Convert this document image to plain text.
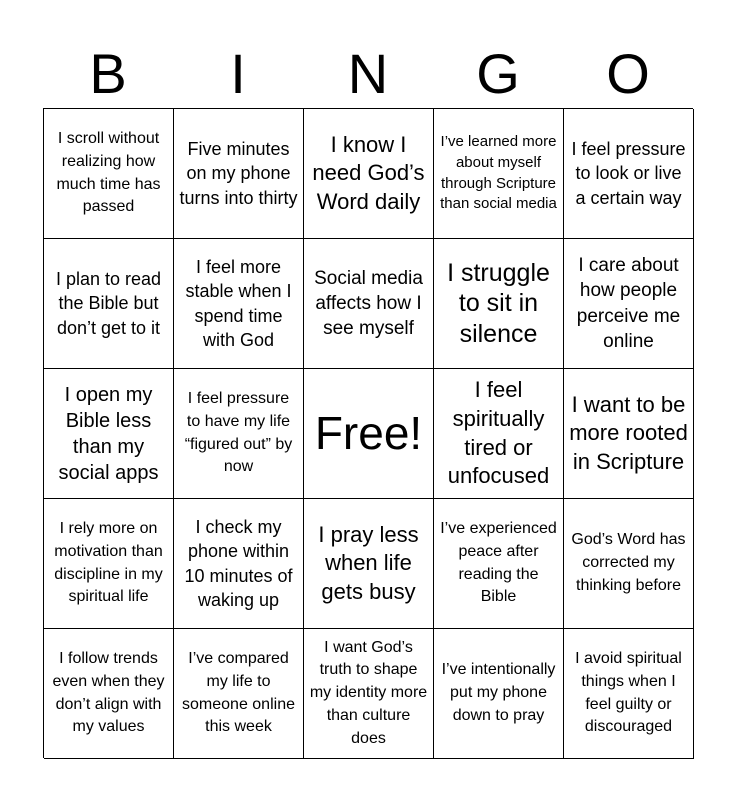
B	I	N	G	O
I scroll without realizing how much time has passed
Five minutes on my phone turns into thirty
I know I need God’s Word daily
I’ve learned more about myself through Scripture than social media
I feel pressure to look or live a certain way
I plan to read the Bible but don’t get to it
I feel more stable when I spend time with God
Social media affects how I see myself
I struggle to sit in silence
I care about how people perceive me online
I open my Bible less than my social apps
I feel pressure to have my life “figured out” by now
Free!
I feel spiritually tired or unfocused
I want to be more rooted in Scripture
I rely more on motivation than discipline in my spiritual life
I check my phone within 10 minutes of waking up
I pray less when life gets busy
I’ve experienced peace after reading the Bible
God’s Word has corrected my thinking before
I follow trends even when they don’t align with my values
I’ve compared my life to someone online this week
I want God’s truth to shape my identity more than culture does
I’ve intentionally put my phone down to pray
I avoid spiritual things when I feel guilty or discouraged
